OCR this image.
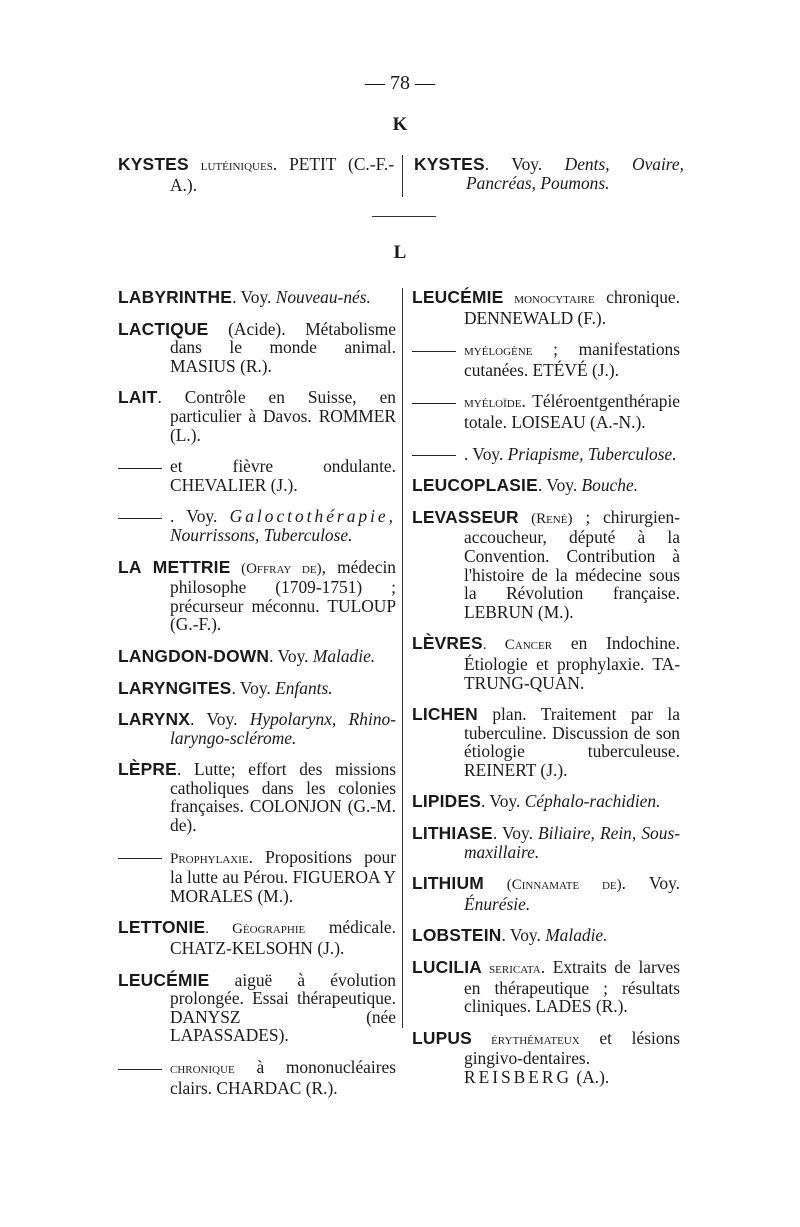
— 78 —
K
KYSTES lutéiniques. PETIT (C.-F.-A.).
KYSTES. Voy. Dents, Ovaire, Pancréas, Poumons.
L
LABYRINTHE. Voy. Nouveau-nés.
LACTIQUE (Acide). Métabolisme dans le monde animal. MASIUS (R.).
LAIT. Contrôle en Suisse, en particulier à Davos. ROMMER (L.).
et fièvre ondulante. CHEVALIER (J.).
. Voy. Galoctothérapie, Nourrissons, Tuberculose.
LA METTRIE (Offray de), médecin philosophe (1709-1751) ; précurseur méconnu. TULOUP (G.-F.).
LANGDON-DOWN. Voy. Maladie.
LARYNGITES. Voy. Enfants.
LARYNX. Voy. Hypolarynx, Rhino-laryngo-sclérome.
LÈPRE. Lutte; effort des missions catholiques dans les colonies françaises. COLONJON (G.-M. de).
Prophylaxie. Propositions pour la lutte au Pérou. FIGUEROA Y MORALES (M.).
LETTONIE. Géographie médicale. CHATZ-KELSOHN (J.).
LEUCÉMIE aiguë à évolution prolongée. Essai thérapeutique. DANYSZ (née LAPASSADES).
chronique à mononucléaires clairs. CHARDAC (R.).
LEUCÉMIE monocytaire chronique. DENNEWALD (F.).
myélogène ; manifestations cutanées. ETÉVÉ (J.).
myéloïde. Téléroentgenthérapie totale. LOISEAU (A.-N.).
. Voy. Priapisme, Tuberculose.
LEUCOPLASIE. Voy. Bouche.
LEVASSEUR (René) ; chirurgien-accoucheur, député à la Convention. Contribution à l'histoire de la médecine sous la Révolution française. LEBRUN (M.).
LÈVRES. Cancer en Indochine. Étiologie et prophylaxie. TA-TRUNG-QUAN.
LICHEN plan. Traitement par la tuberculine. Discussion de son étiologie tuberculeuse. REINERT (J.).
LIPIDES. Voy. Céphalo-rachidien.
LITHIASE. Voy. Biliaire, Rein, Sous-maxillaire.
LITHIUM (Cinnamate de). Voy. Énurésie.
LOBSTEIN. Voy. Maladie.
LUCILIA sericata. Extraits de larves en thérapeutique ; résultats cliniques. LADES (R.).
LUPUS érythémateux et lésions gingivo-dentaires. REISBERG (A.).
